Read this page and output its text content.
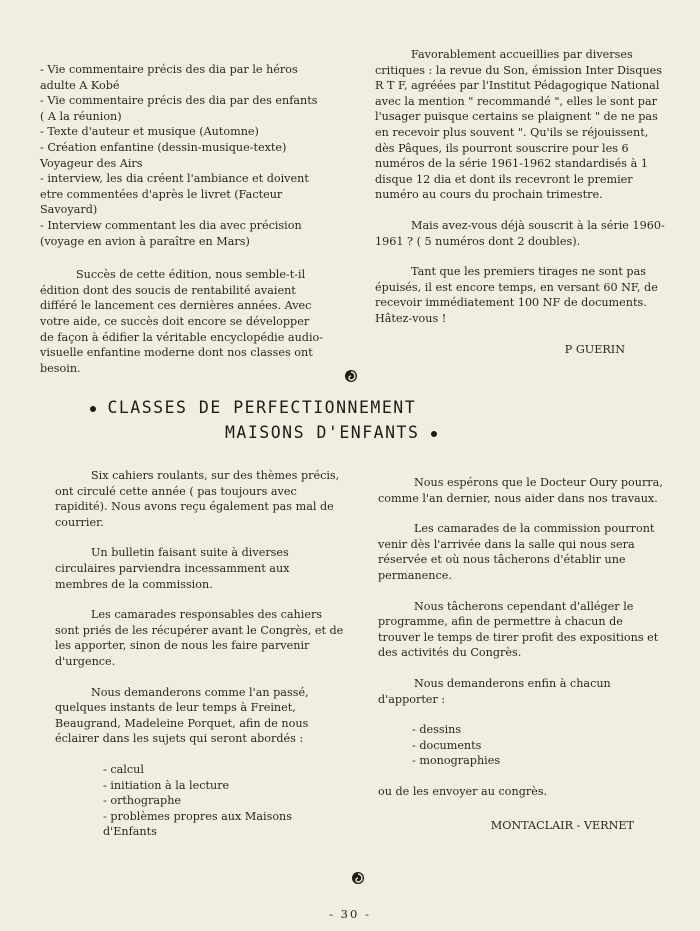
- Vie commentaire précis des dia par le héros adulte A Kobé
- Vie commentaire précis des dia par des enfants ( A la réunion)
- Texte d'auteur et musique (Automne)
- Création enfantine (dessin-musique-texte) Voyageur des Airs
- interview, les dia créent l'ambiance et doivent etre commentées d'après le livret (Facteur Savoyard)
- Interview commentant les dia avec précision (voyage en avion à paraître en Mars)

Succès de cette édition, nous semble-t-il édition dont des soucis de rentabilité avaient différé le lancement ces dernières années. Avec votre aide, ce succès doit encore se développer de façon à édifier la véritable encyclopédie audio-visuelle enfantine moderne dont nos classes ont besoin.

Favorablement accueillies par diverses critiques : la revue du Son, émission Inter Disques R T F, agréées par l'Institut Pédagogique National avec la mention " recommandé ", elles le sont par l'usager puisque certains se plaignent " de ne pas en recevoir plus souvent ". Qu'ils se réjouissent, dès Pâques, ils pourront souscrire pour les 6 numéros de la série 1961-1962 standardisés à 1 disque 12 dia et dont ils recevront le premier numéro au cours du prochain trimestre.

Mais avez-vous déjà souscrit à la série 1960-1961 ? ( 5 numéros dont 2 doubles).

Tant que les premiers tirages ne sont pas épuisés, il est encore temps, en versant 60 NF, de recevoir immédiatement 100 NF de documents. Hâtez-vous !

P GUERIN

CLASSES DE PERFECTIONNEMENT
MAISONS D'ENFANTS

Six cahiers roulants, sur des thèmes précis, ont circulé cette année ( pas toujours avec rapidité). Nous avons reçu également pas mal de courrier.

Un bulletin faisant suite à diverses circulaires parviendra incessamment aux membres de la commission.

Les camarades responsables des cahiers sont priés de les récupérer avant le Congrès, et de les apporter, sinon de nous les faire parvenir d'urgence.

Nous demanderons comme l'an passé, quelques instants de leur temps à Freinet, Beaugrand, Madeleine Porquet, afin de nous éclairer dans les sujets qui seront abordés :

- calcul
- initiation à la lecture
- orthographe
- problèmes propres aux Maisons d'Enfants

Nous espérons que le Docteur Oury pourra, comme l'an dernier, nous aider dans nos travaux.

Les camarades de la commission pourront venir dès l'arrivée dans la salle qui nous sera réservée et où nous tâcherons d'établir une permanence.

Nous tâcherons cependant d'alléger le programme, afin de permettre à chacun de trouver le temps de tirer profit des expositions et des activités du Congrès.

Nous demanderons enfin à chacun d'apporter :

- dessins
- documents
- monographies

ou de les envoyer au congrès.

MONTACLAIR - VERNET

- 30 -
